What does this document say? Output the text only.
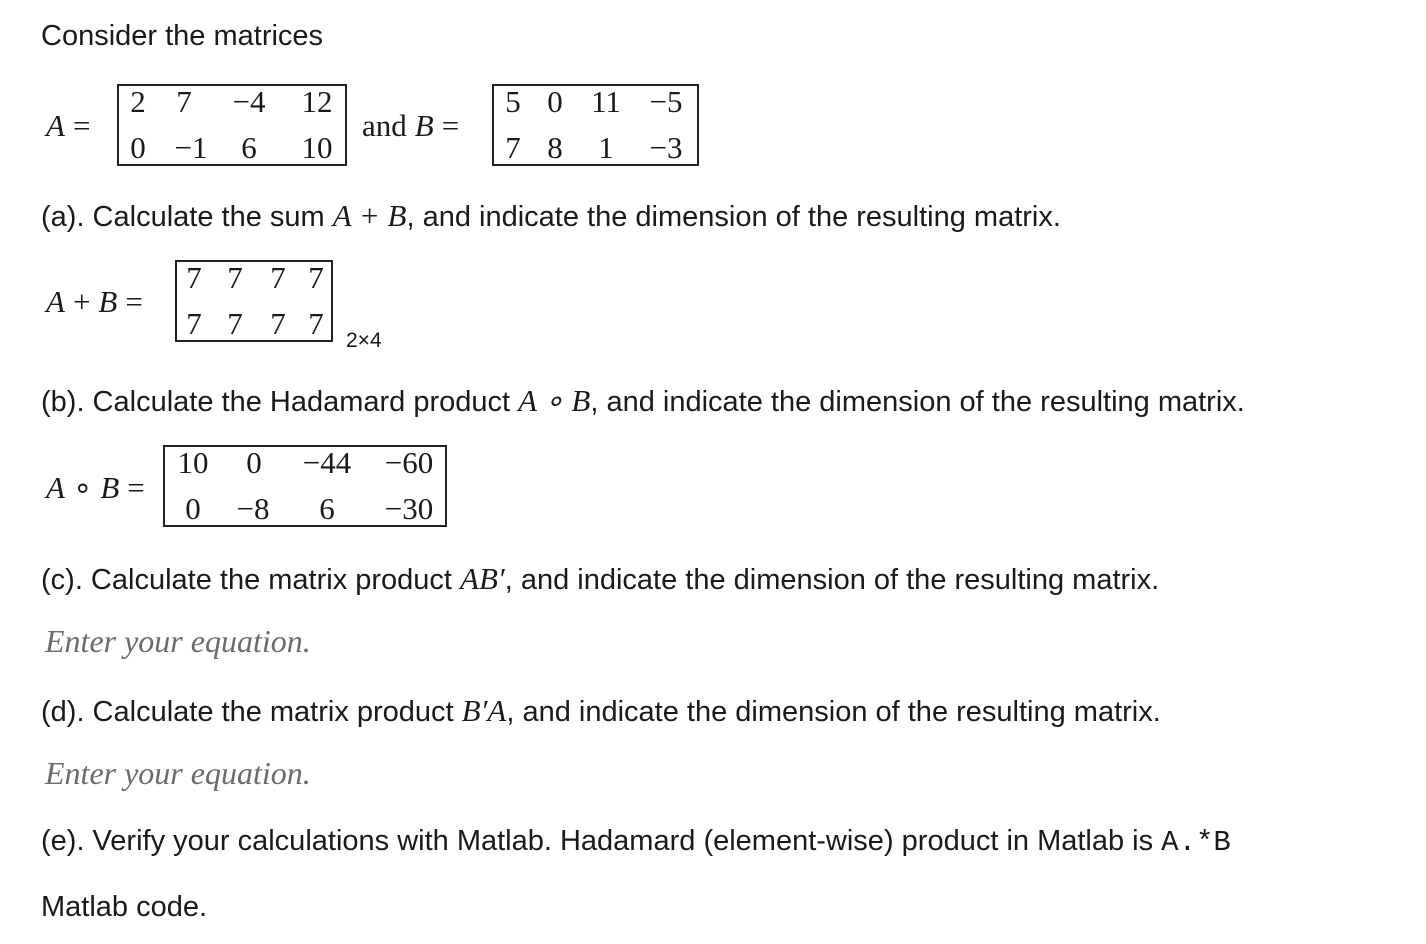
Consider the matrices
A =
2 7 −4 12
0 −1 6 10
and B =
5 0 11 −5
7 8 1 −3
(a). Calculate the sum A + B, and indicate the dimension of the resulting matrix.
A + B =
7 7 7 7
7 7 7 7	2×4
(b). Calculate the Hadamard product A ∘ B, and indicate the dimension of the resulting matrix.
A ∘ B =
10 0 −44 −60
0 −8 6 −30
(c). Calculate the matrix product AB′, and indicate the dimension of the resulting matrix.
Enter your equation.
(d). Calculate the matrix product B′A, and indicate the dimension of the resulting matrix.
Enter your equation.
(e). Verify your calculations with Matlab. Hadamard (element-wise) product in Matlab is A.*B
Matlab code.
